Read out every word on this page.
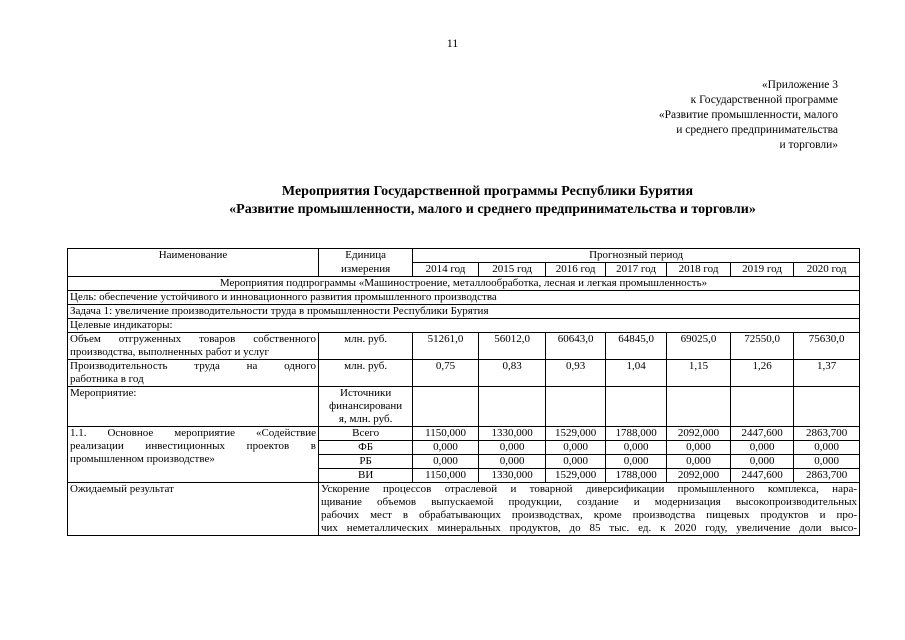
11
«Приложение 3
к Государственной программе
«Развитие промышленности, малого
и среднего предпринимательства
и торговли»
Мероприятия Государственной программы Республики Бурятия
«Развитие промышленности, малого и среднего предпринимательства и торговли»
Наименование	Единица	Прогнозный период						
	измерения	2014 год	2015 год	2016 год	2017 год	2018 год	2019 год	2020 год
Мероприятия подпрограммы «Машиностроение, металлообработка, лесная и легкая промышленность»								
Цель: обеспечение устойчивого и инновационного развития промышленного производства								
Задача 1: увеличение производительности труда в промышленности Республики Бурятия								
Целевые индикаторы:								

Объем отгруженных товаров собственного
производства, выполненных работ и услуг	млн. руб.	51261,0	56012,0	60643,0	64845,0	69025,0	72550,0	75630,0

Производительность труда на одного
работника в год	млн. руб.	0,75	0,83	0,93	1,04	1,15	1,26	1,37
Мероприятие:	Источники
финансировани
я, млн. руб.							

1.1. Основное мероприятие «Содействие
реализации инвестиционных проектов в
промышленном производстве»	Всего	1150,000	1330,000	1529,000	1788,000	2092,000	2447,600	2863,700
	ФБ	0,000	0,000	0,000	0,000	0,000	0,000	0,000
	РБ	0,000	0,000	0,000	0,000	0,000	0,000	0,000
	ВИ	1150,000	1330,000	1529,000	1788,000	2092,000	2447,600	2863,700
Ожидаемый результат	Ускорение процессов отраслевой и товарной диверсификации промышленного комплекса, нара-
щивание объемов выпускаемой продукции, создание и модернизация высокопроизводительных
рабочих мест в обрабатывающих производствах, кроме производства пищевых продуктов и про-
чих неметаллических минеральных продуктов, до 85 тыс. ед. к 2020 году, увеличение доли высо-							
